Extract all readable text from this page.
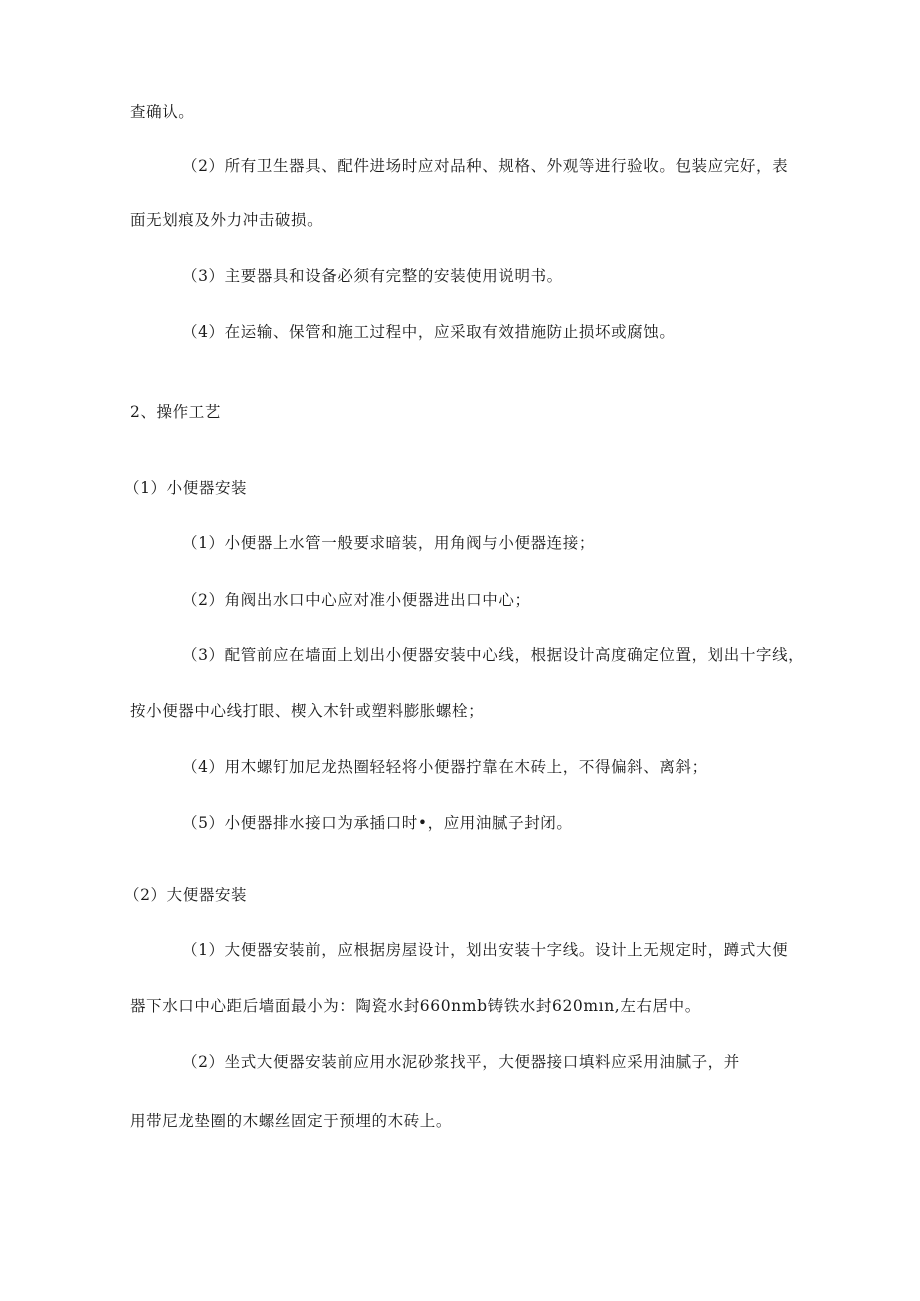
查确认。
（2）所有卫生器具、配件进场时应对品种、规格、外观等进行验收。包装应完好，表
面无划痕及外力冲击破损。
（3）主要器具和设备必须有完整的安装使用说明书。
（4）在运输、保管和施工过程中，应采取有效措施防止损坏或腐蚀。
2、操作工艺
（1）小便器安装
（1）小便器上水管一般要求暗装，用角阀与小便器连接；
（2）角阀出水口中心应对准小便器进出口中心；
（3）配管前应在墙面上划出小便器安装中心线，根据设计高度确定位置，划出十字线，
按小便器中心线打眼、楔入木针或塑料膨胀螺栓；
（4）用木螺钉加尼龙热圈轻轻将小便器拧靠在木砖上，不得偏斜、离斜；
（5）小便器排水接口为承插口时•，应用油腻子封闭。
（2）大便器安装
（1）大便器安装前，应根据房屋设计，划出安装十字线。设计上无规定时，蹲式大便
器下水口中心距后墙面最小为：陶瓷水封660nmb铸铁水封620mın,左右居中。
（2）坐式大便器安装前应用水泥砂浆找平，大便器接口填料应采用油腻子，并
用带尼龙垫圈的木螺丝固定于预埋的木砖上。
